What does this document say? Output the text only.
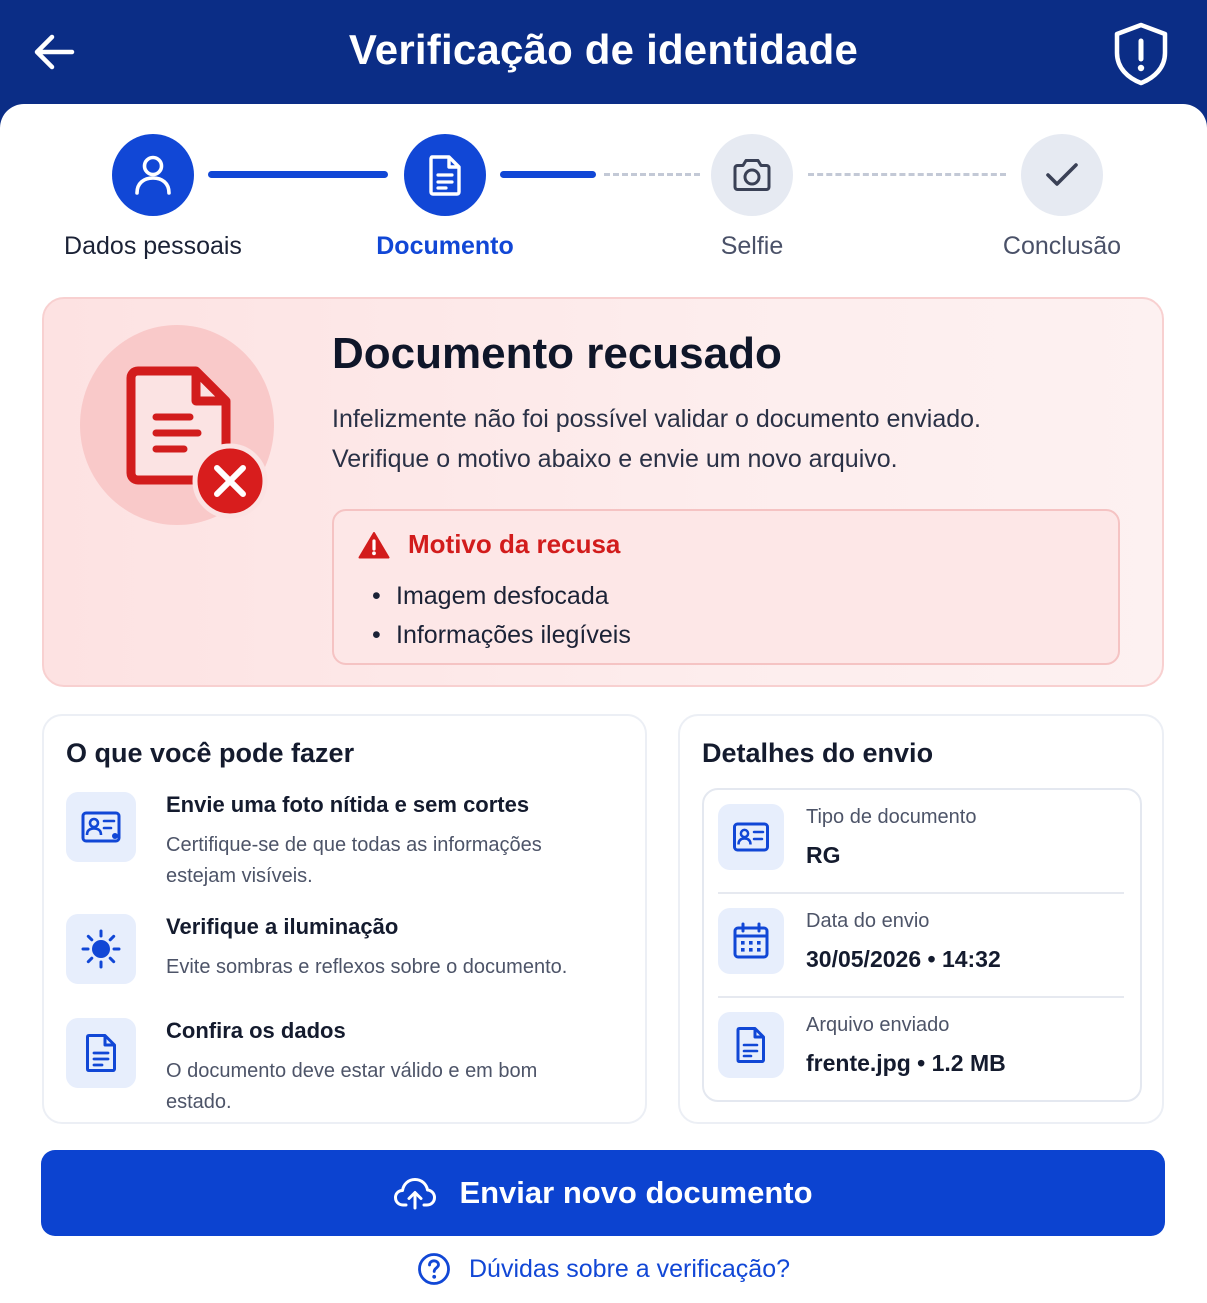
Verificação de identidade
Dados pessoais	Documento	Selfie	Conclusão
Documento recusado
Infelizmente não foi possível validar o documento enviado.
Verifique o motivo abaixo e envie um novo arquivo.
Motivo da recusa
• Imagem desfocada
• Informações ilegíveis
O que você pode fazer
Envie uma foto nítida e sem cortes
Certifique-se de que todas as informações estejam visíveis.
Verifique a iluminação
Evite sombras e reflexos sobre o documento.
Confira os dados
O documento deve estar válido e em bom estado.
Detalhes do envio
Tipo de documento
RG
Data do envio
30/05/2026 • 14:32
Arquivo enviado
frente.jpg • 1.2 MB
Enviar novo documento
Dúvidas sobre a verificação?
